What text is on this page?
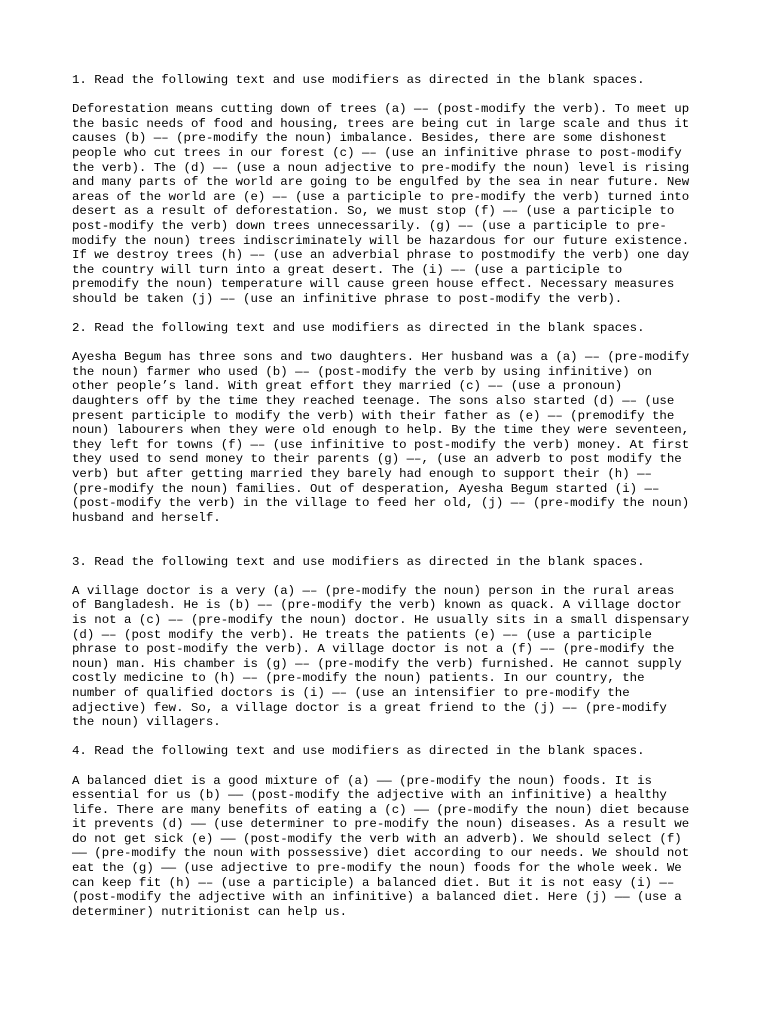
1. Read the following text and use modifiers as directed in the blank spaces.

Deforestation means cutting down of trees (a) —– (post-modify the verb). To meet up
the basic needs of food and housing, trees are being cut in large scale and thus it
causes (b) —– (pre-modify the noun) imbalance. Besides, there are some dishonest
people who cut trees in our forest (c) —– (use an infinitive phrase to post-modify
the verb). The (d) —– (use a noun adjective to pre-modify the noun) level is rising
and many parts of the world are going to be engulfed by the sea in near future. New
areas of the world are (e) —– (use a participle to pre-modify the verb) turned into
desert as a result of deforestation. So, we must stop (f) —– (use a participle to
post-modify the verb) down trees unnecessarily. (g) —– (use a participle to pre-
modify the noun) trees indiscriminately will be hazardous for our future existence.
If we destroy trees (h) —– (use an adverbial phrase to postmodify the verb) one day
the country will turn into a great desert. The (i) —– (use a participle to
premodify the noun) temperature will cause green house effect. Necessary measures
should be taken (j) —– (use an infinitive phrase to post-modify the verb).

2. Read the following text and use modifiers as directed in the blank spaces.

Ayesha Begum has three sons and two daughters. Her husband was a (a) —– (pre-modify
the noun) farmer who used (b) —– (post-modify the verb by using infinitive) on
other people’s land. With great effort they married (c) —– (use a pronoun)
daughters off by the time they reached teenage. The sons also started (d) —– (use
present participle to modify the verb) with their father as (e) —– (premodify the
noun) labourers when they were old enough to help. By the time they were seventeen,
they left for towns (f) —– (use infinitive to post-modify the verb) money. At first
they used to send money to their parents (g) —–, (use an adverb to post modify the
verb) but after getting married they barely had enough to support their (h) —–
(pre-modify the noun) families. Out of desperation, Ayesha Begum started (i) —–
(post-modify the verb) in the village to feed her old, (j) —– (pre-modify the noun)
husband and herself.

3. Read the following text and use modifiers as directed in the blank spaces.

A village doctor is a very (a) —– (pre-modify the noun) person in the rural areas
of Bangladesh. He is (b) —– (pre-modify the verb) known as quack. A village doctor
is not a (c) —– (pre-modify the noun) doctor. He usually sits in a small dispensary
(d) —– (post modify the verb). He treats the patients (e) —– (use a participle
phrase to post-modify the verb). A village doctor is not a (f) —– (pre-modify the
noun) man. His chamber is (g) —– (pre-modify the verb) furnished. He cannot supply
costly medicine to (h) —– (pre-modify the noun) patients. In our country, the
number of qualified doctors is (i) —– (use an intensifier to pre-modify the
adjective) few. So, a village doctor is a great friend to the (j) —– (pre-modify
the noun) villagers.

4. Read the following text and use modifiers as directed in the blank spaces.

A balanced diet is a good mixture of (a) —— (pre-modify the noun) foods. It is
essential for us (b) —— (post-modify the adjective with an infinitive) a healthy
life. There are many benefits of eating a (c) —— (pre-modify the noun) diet because
it prevents (d) —— (use determiner to pre-modify the noun) diseases. As a result we
do not get sick (e) —— (post-modify the verb with an adverb). We should select (f)
—— (pre-modify the noun with possessive) diet according to our needs. We should not
eat the (g) —— (use adjective to pre-modify the noun) foods for the whole week. We
can keep fit (h) —– (use a participle) a balanced diet. But it is not easy (i) —–
(post-modify the adjective with an infinitive) a balanced diet. Here (j) —— (use a
determiner) nutritionist can help us.
